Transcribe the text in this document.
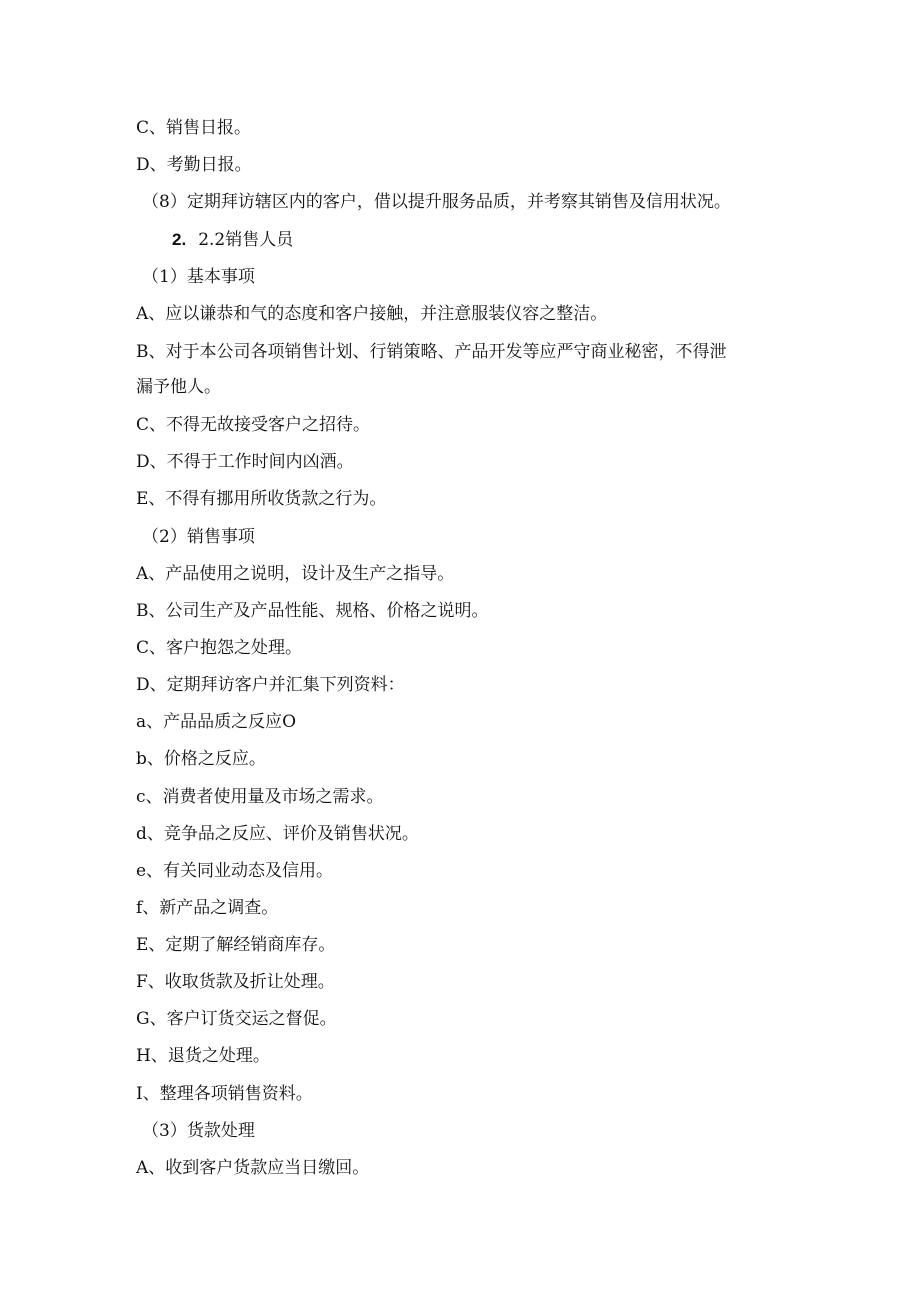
C、销售日报。
D、考勤日报。
（8）定期拜访辖区内的客户，借以提升服务品质，并考察其销售及信用状况。
2. 2.2销售人员
（1）基本事项
A、应以谦恭和气的态度和客户接触，并注意服装仪容之整洁。
B、对于本公司各项销售计划、行销策略、产品开发等应严守商业秘密，不得泄
漏予他人。
C、不得无故接受客户之招待。
D、不得于工作时间内凶酒。
E、不得有挪用所收货款之行为。
（2）销售事项
A、产品使用之说明，设计及生产之指导。
B、公司生产及产品性能、规格、价格之说明。
C、客户抱怨之处理。
D、定期拜访客户并汇集下列资料：
a、产品品质之反应O
b、价格之反应。
c、消费者使用量及市场之需求。
d、竞争品之反应、评价及销售状况。
e、有关同业动态及信用。
f、新产品之调查。
E、定期了解经销商库存。
F、收取货款及折让处理。
G、客户订货交运之督促。
H、退货之处理。
I、整理各项销售资料。
（3）货款处理
A、收到客户货款应当日缴回。
